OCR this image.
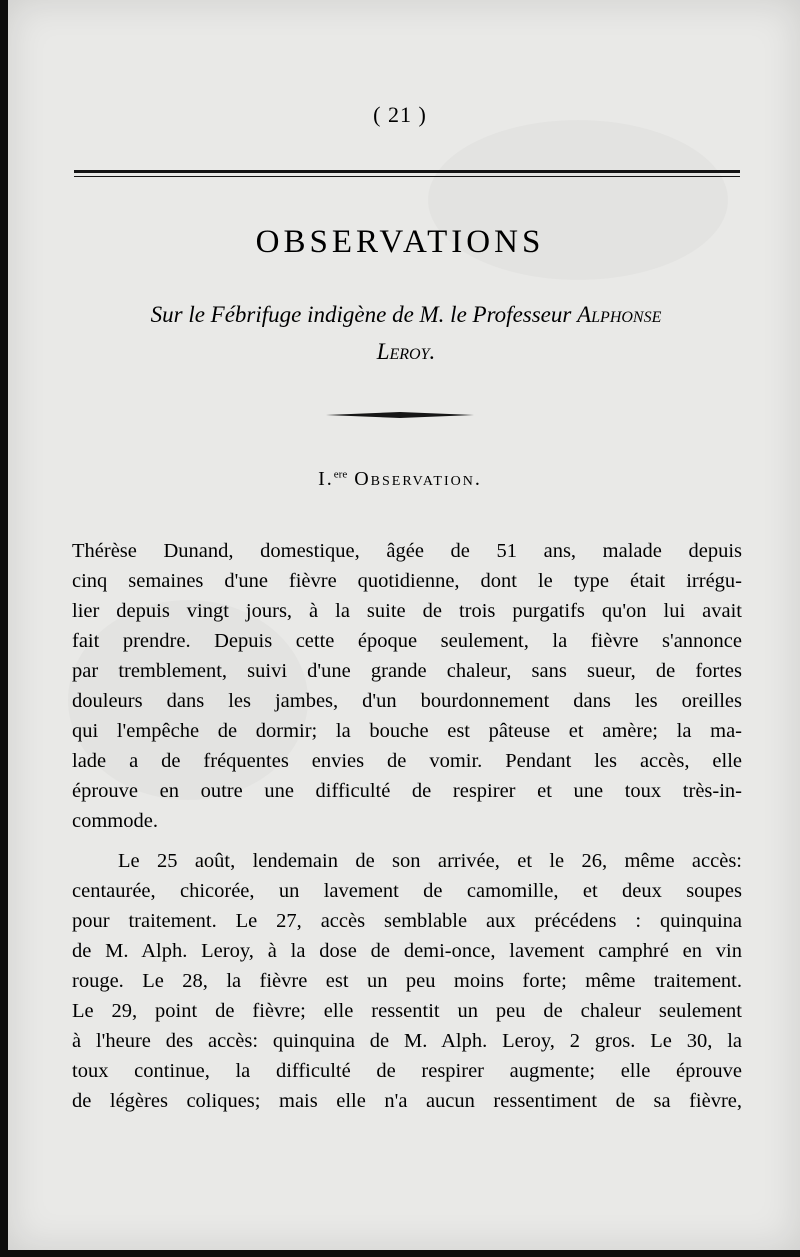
( 21 )
OBSERVATIONS
Sur le Fébrifuge indigène de M. le Professeur Alphonse
Leroy.
I.$^{ere}$ Observation.
Thérèse Dunand, domestique, âgée de 51 ans, malade depuis
cinq semaines d'une fièvre quotidienne, dont le type était irrégu-
lier depuis vingt jours, à la suite de trois purgatifs qu'on lui avait
fait prendre. Depuis cette époque seulement, la fièvre s'annonce
par tremblement, suivi d'une grande chaleur, sans sueur, de fortes
douleurs dans les jambes, d'un bourdonnement dans les oreilles
qui l'empêche de dormir; la bouche est pâteuse et amère; la ma-
lade a de fréquentes envies de vomir. Pendant les accès, elle
éprouve en outre une difficulté de respirer et une toux très-in-
commode.
Le 25 août, lendemain de son arrivée, et le 26, même accès:
centaurée, chicorée, un lavement de camomille, et deux soupes
pour traitement. Le 27, accès semblable aux précédens : quinquina
de M. Alph. Leroy, à la dose de demi-once, lavement camphré en vin
rouge. Le 28, la fièvre est un peu moins forte; même traitement.
Le 29, point de fièvre; elle ressentit un peu de chaleur seulement
à l'heure des accès: quinquina de M. Alph. Leroy, 2 gros. Le 30, la
toux continue, la difficulté de respirer augmente; elle éprouve
de légères coliques; mais elle n'a aucun ressentiment de sa fièvre,
